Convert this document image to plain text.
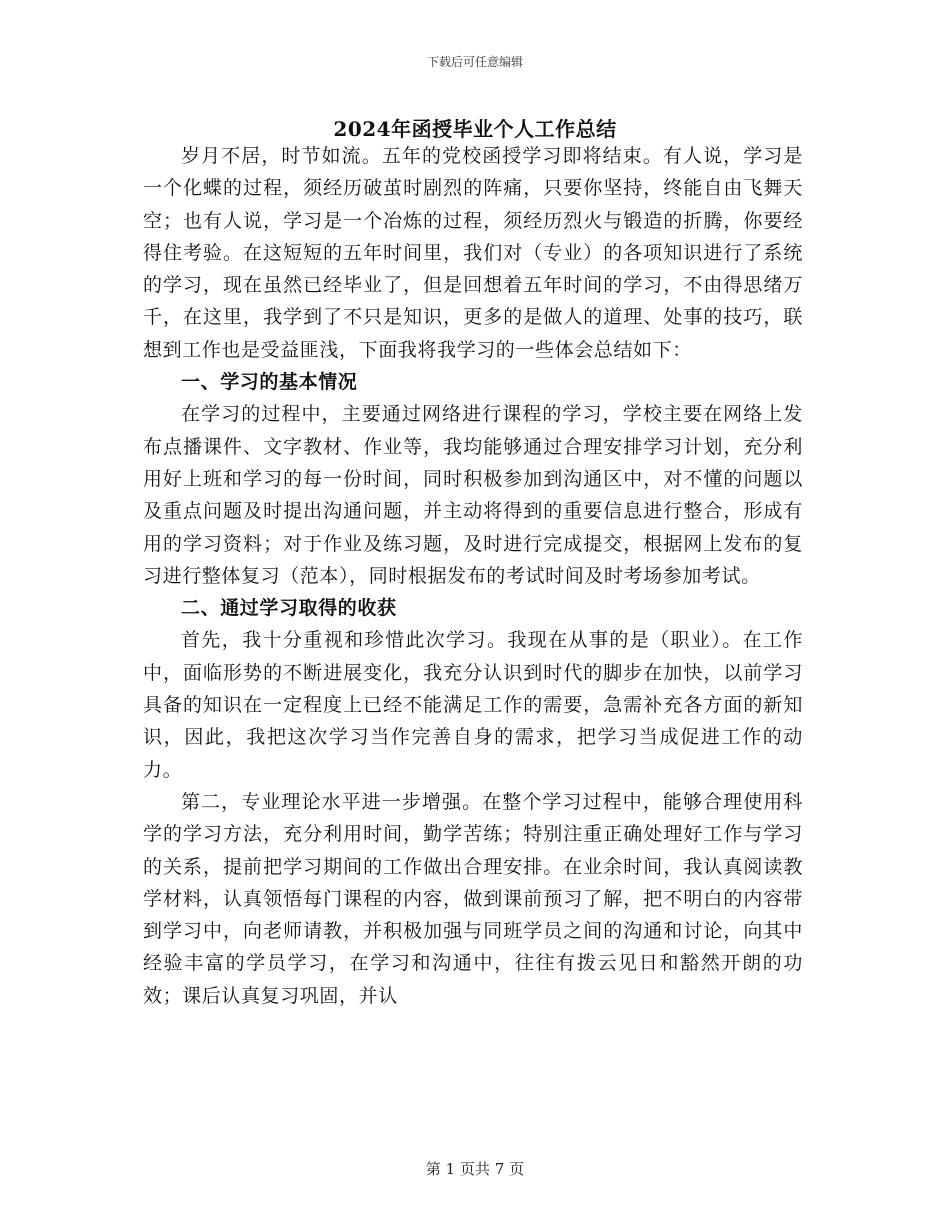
下载后可任意编辑
2024年函授毕业个人工作总结

岁月不居，时节如流。五年的党校函授学习即将结束。有人说，学习是一个化蝶的过程，须经历破茧时剧烈的阵痛，只要你坚持，终能自由飞舞天空；也有人说，学习是一个冶炼的过程，须经历烈火与锻造的折腾，你要经得住考验。在这短短的五年时间里，我们对（专业）的各项知识进行了系统的学习，现在虽然已经毕业了，但是回想着五年时间的学习，不由得思绪万千，在这里，我学到了不只是知识，更多的是做人的道理、处事的技巧，联想到工作也是受益匪浅，下面我将我学习的一些体会总结如下：

一、学习的基本情况

在学习的过程中，主要通过网络进行课程的学习，学校主要在网络上发布点播课件、文字教材、作业等，我均能够通过合理安排学习计划，充分利用好上班和学习的每一份时间，同时积极参加到沟通区中，对不懂的问题以及重点问题及时提出沟通问题，并主动将得到的重要信息进行整合，形成有用的学习资料；对于作业及练习题，及时进行完成提交，根据网上发布的复习进行整体复习（范本），同时根据发布的考试时间及时考场参加考试。

二、通过学习取得的收获

首先，我十分重视和珍惜此次学习。我现在从事的是（职业）。在工作中，面临形势的不断进展变化，我充分认识到时代的脚步在加快，以前学习具备的知识在一定程度上已经不能满足工作的需要，急需补充各方面的新知识，因此，我把这次学习当作完善自身的需求，把学习当成促进工作的动力。

第二，专业理论水平进一步增强。在整个学习过程中，能够合理使用科学的学习方法，充分利用时间，勤学苦练；特别注重正确处理好工作与学习的关系，提前把学习期间的工作做出合理安排。在业余时间，我认真阅读教学材料，认真领悟每门课程的内容，做到课前预习了解，把不明白的内容带到学习中，向老师请教，并积极加强与同班学员之间的沟通和讨论，向其中经验丰富的学员学习，在学习和沟通中，往往有拨云见日和豁然开朗的功效；课后认真复习巩固，并认

第 1 页共 7 页
